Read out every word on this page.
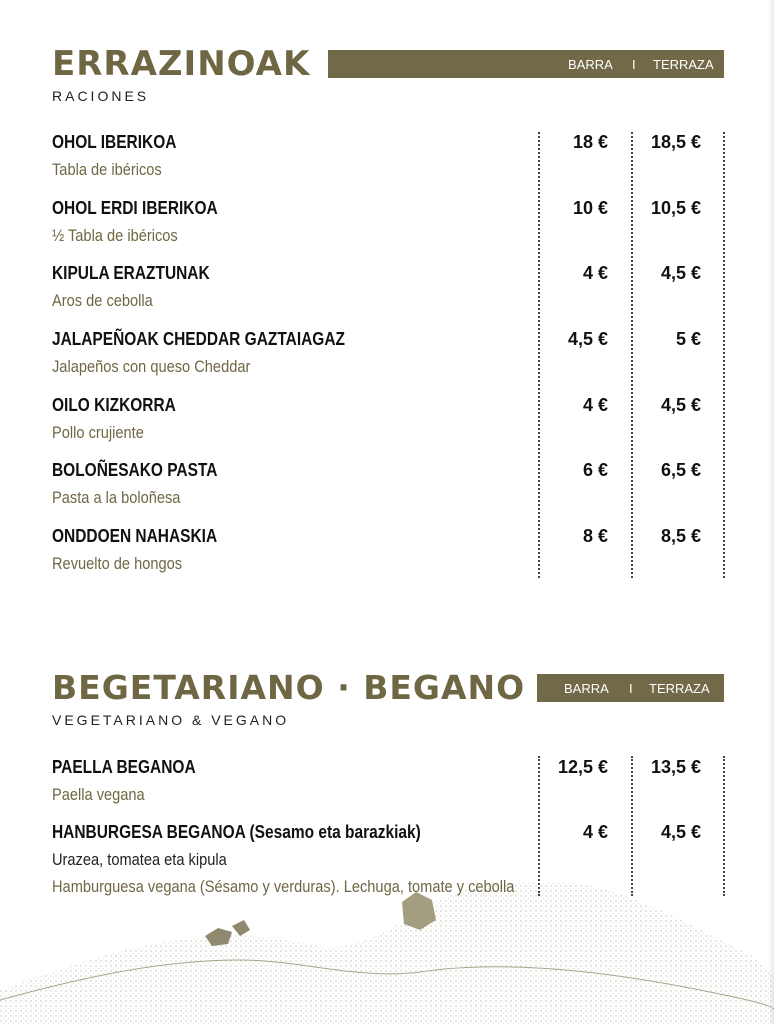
ERRAZINOAK
RACIONES
BARRA I TERRAZA
OHOL IBERIKOA
Tabla de ibéricos
18 €	18,5 €
OHOL ERDI IBERIKOA
½ Tabla de ibéricos
10 €	10,5 €
KIPULA ERAZTUNAK
Aros de cebolla
4 €	4,5 €
JALAPEÑOAK CHEDDAR GAZTAIAGAZ
Jalapeños con queso Cheddar
4,5 €	5 €
OILO KIZKORRA
Pollo crujiente
4 €	4,5 €
BOLOÑESAKO PASTA
Pasta a la boloñesa
6 €	6,5 €
ONDDOEN NAHASKIA
Revuelto de hongos
8 €	8,5 €
BEGETARIANO · BEGANO
VEGETARIANO & VEGANO
BARRA I TERRAZA
PAELLA BEGANOA
Paella vegana
12,5 €	13,5 €
HANBURGESA BEGANOA (Sesamo eta barazkiak)
Urazea, tomatea eta kipula
Hamburguesa vegana (Sésamo y verduras). Lechuga, tomate y cebolla
4 €	4,5 €
